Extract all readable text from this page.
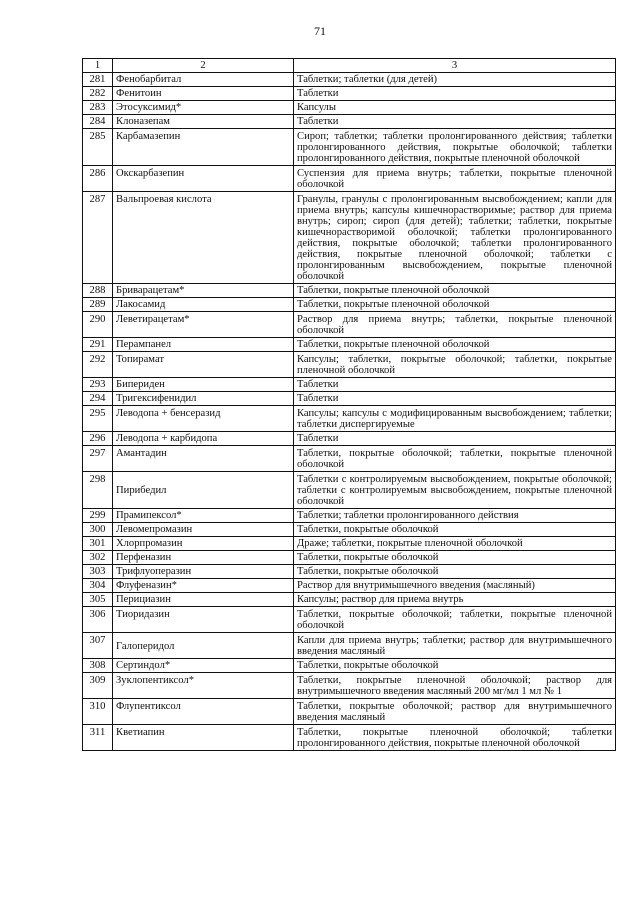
71
1	2	3
281	Фенобарбитал	Таблетки; таблетки (для детей)
282	Фенитоин	Таблетки
283	Этосуксимид*	Капсулы
284	Клоназепам	Таблетки
285	Карбамазепин	Сироп; таблетки; таблетки пролонгированного действия; таблетки пролонгированного действия, покрытые оболочкой; таблетки пролонгированного действия, покрытые пленочной оболочкой
286	Окскарбазепин	Суспензия для приема внутрь; таблетки, покрытые пленочной оболочкой
287	Вальпроевая кислота	Гранулы, гранулы с пролонгированным высвобождением; капли для приема внутрь; капсулы кишечнорастворимые; раствор для приема внутрь; сироп; сироп (для детей); таблетки; таблетки, покрытые кишечнорастворимой оболочкой; таблетки пролонгированного действия, покрытые оболочкой; таблетки пролонгированного действия, покрытые пленочной оболочкой; таблетки с пролонгированным высвобождением, покрытые пленочной оболочкой
288	Бриварацетам*	Таблетки, покрытые пленочной оболочкой
289	Лакосамид	Таблетки, покрытые пленочной оболочкой
290	Леветирацетам*	Раствор для приема внутрь; таблетки, покрытые пленочной оболочкой
291	Перампанел	Таблетки, покрытые пленочной оболочкой
292	Топирамат	Капсулы; таблетки, покрытые оболочкой; таблетки, покрытые пленочной оболочкой
293	Бипериден	Таблетки
294	Тригексифенидил	Таблетки
295	Леводопа + бенсеразид	Капсулы; капсулы с модифицированным высвобождением; таблетки; таблетки диспергируемые
296	Леводопа + карбидопа	Таблетки
297	Амантадин	Таблетки, покрытые оболочкой; таблетки, покрытые пленочной оболочкой
298	Пирибедил	Таблетки с контролируемым высвобождением, покрытые оболочкой; таблетки с контролируемым высвобождением, покрытые пленочной оболочкой
299	Прамипексол*	Таблетки; таблетки пролонгированного действия
300	Левомепромазин	Таблетки, покрытые оболочкой
301	Хлорпромазин	Драже; таблетки, покрытые пленочной оболочкой
302	Перфеназин	Таблетки, покрытые оболочкой
303	Трифлуоперазин	Таблетки, покрытые оболочкой
304	Флуфеназин*	Раствор для внутримышечного введения (масляный)
305	Перициазин	Капсулы; раствор для приема внутрь
306	Тиоридазин	Таблетки, покрытые оболочкой; таблетки, покрытые пленочной оболочкой
307	Галоперидол	Капли для приема внутрь; таблетки; раствор для внутримышечного введения масляный
308	Сертиндол*	Таблетки, покрытые оболочкой
309	Зуклопентиксол*	Таблетки, покрытые пленочной оболочкой; раствор для внутримышечного введения масляный 200 мг/мл 1 мл № 1
310	Флупентиксол	Таблетки, покрытые оболочкой; раствор для внутримышечного введения масляный
311	Кветиапин	Таблетки, покрытые пленочной оболочкой; таблетки пролонгированного действия, покрытые пленочной оболочкой
